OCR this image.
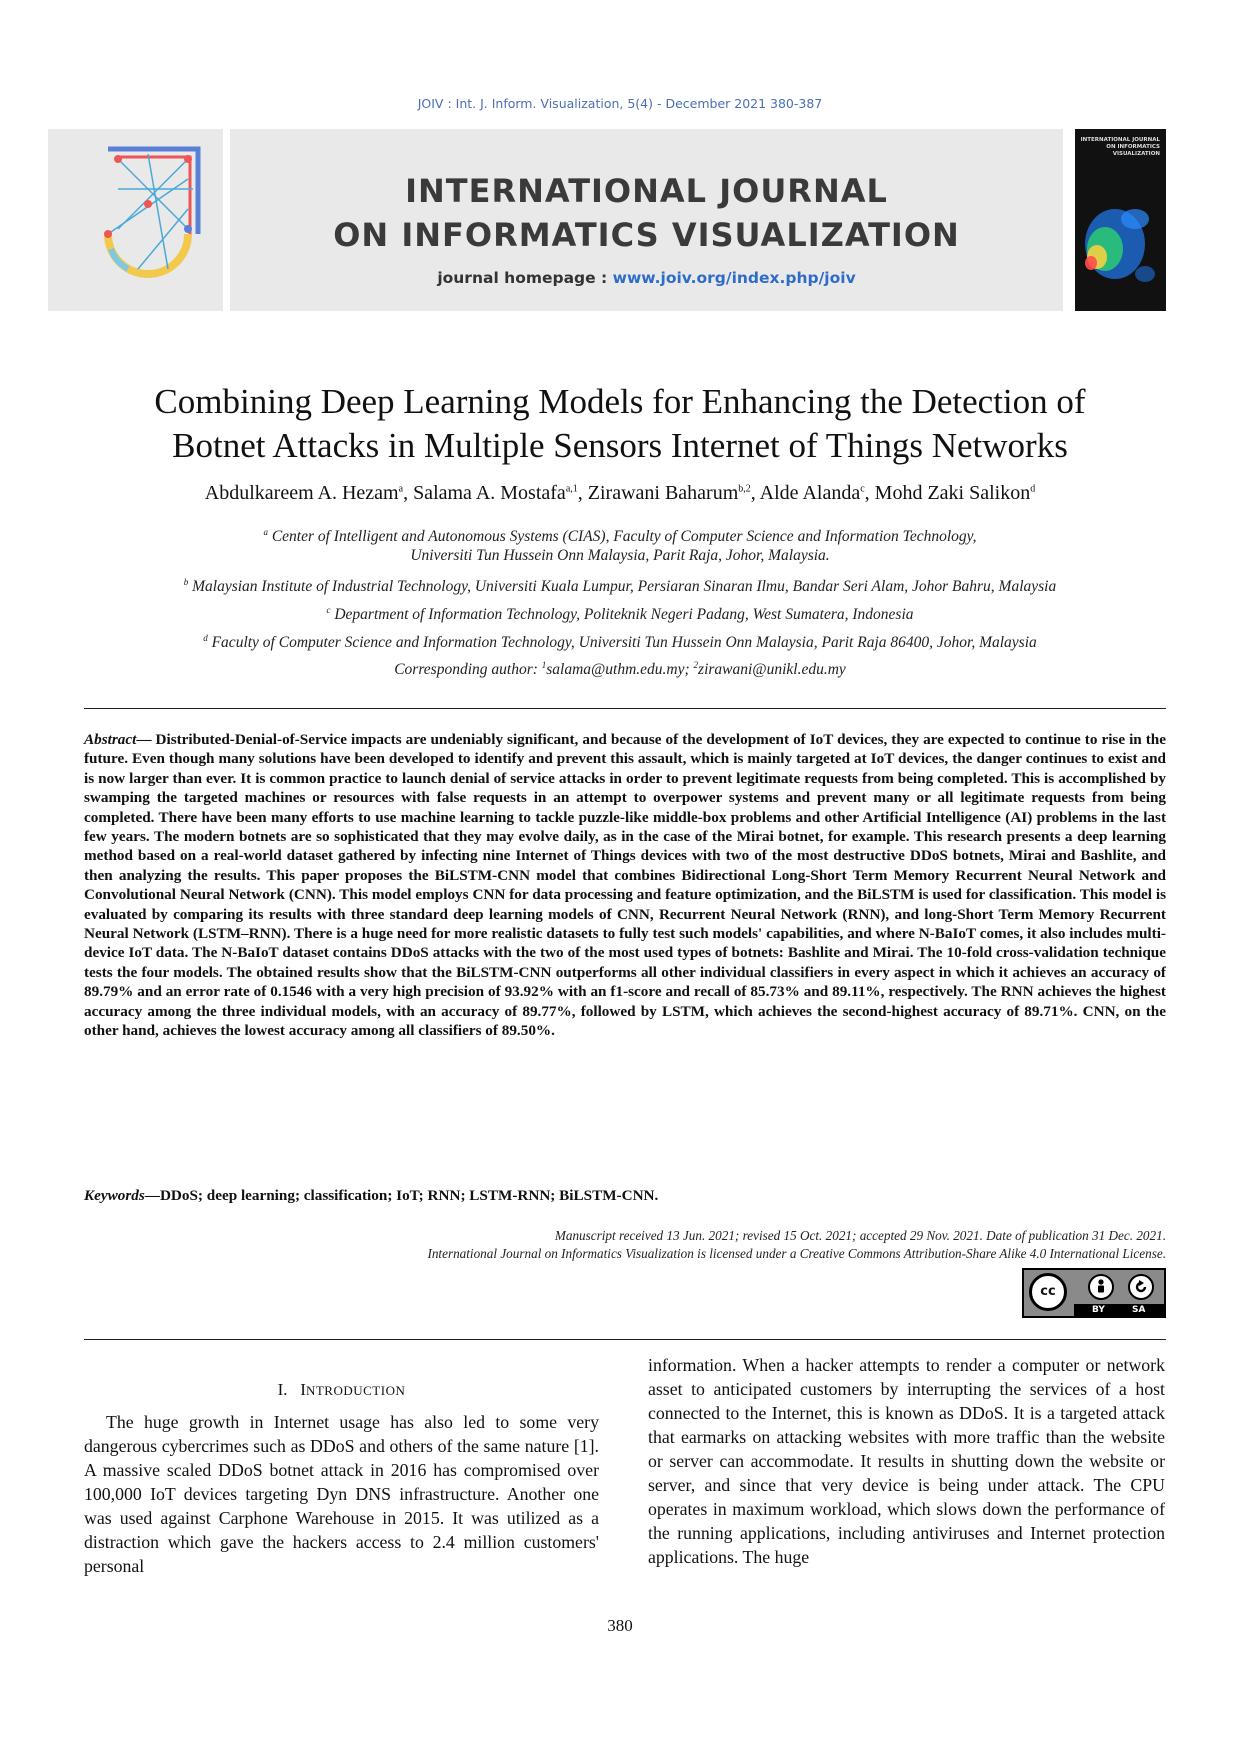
JOIV : Int. J. Inform. Visualization, 5(4) - December 2021 380-387
INTERNATIONAL JOURNAL
ON INFORMATICS VISUALIZATION
journal homepage : www.joiv.org/index.php/joiv
INTERNATIONAL JOURNAL ON INFORMATICS VISUALIZATION
Combining Deep Learning Models for Enhancing the Detection of
Botnet Attacks in Multiple Sensors Internet of Things Networks
Abdulkareem A. Hezam$^a$, Salama A. Mostafa$^{a,1}$, Zirawani Baharum$^{b,2}$, Alde Alanda$^c$, Mohd Zaki Salikon$^d$
$^a$ Center of Intelligent and Autonomous Systems (CIAS), Faculty of Computer Science and Information Technology,
Universiti Tun Hussein Onn Malaysia, Parit Raja, Johor, Malaysia.
$^b$ Malaysian Institute of Industrial Technology, Universiti Kuala Lumpur, Persiaran Sinaran Ilmu, Bandar Seri Alam, Johor Bahru, Malaysia
$^c$ Department of Information Technology, Politeknik Negeri Padang, West Sumatera, Indonesia
$^d$ Faculty of Computer Science and Information Technology, Universiti Tun Hussein Onn Malaysia, Parit Raja 86400, Johor, Malaysia
Corresponding author: $^1$salama@uthm.edu.my; $^2$zirawani@unikl.edu.my
Abstract— Distributed-Denial-of-Service impacts are undeniably significant, and because of the development of IoT devices, they are expected to continue to rise in the future. Even though many solutions have been developed to identify and prevent this assault, which is mainly targeted at IoT devices, the danger continues to exist and is now larger than ever. It is common practice to launch denial of service attacks in order to prevent legitimate requests from being completed. This is accomplished by swamping the targeted machines or resources with false requests in an attempt to overpower systems and prevent many or all legitimate requests from being completed. There have been many efforts to use machine learning to tackle puzzle-like middle-box problems and other Artificial Intelligence (AI) problems in the last few years. The modern botnets are so sophisticated that they may evolve daily, as in the case of the Mirai botnet, for example. This research presents a deep learning method based on a real-world dataset gathered by infecting nine Internet of Things devices with two of the most destructive DDoS botnets, Mirai and Bashlite, and then analyzing the results. This paper proposes the BiLSTM-CNN model that combines Bidirectional Long-Short Term Memory Recurrent Neural Network and Convolutional Neural Network (CNN). This model employs CNN for data processing and feature optimization, and the BiLSTM is used for classification. This model is evaluated by comparing its results with three standard deep learning models of CNN, Recurrent Neural Network (RNN), and long-Short Term Memory Recurrent Neural Network (LSTM–RNN). There is a huge need for more realistic datasets to fully test such models' capabilities, and where N-BaIoT comes, it also includes multi-device IoT data. The N-BaIoT dataset contains DDoS attacks with the two of the most used types of botnets: Bashlite and Mirai. The 10-fold cross-validation technique tests the four models. The obtained results show that the BiLSTM-CNN outperforms all other individual classifiers in every aspect in which it achieves an accuracy of 89.79% and an error rate of 0.1546 with a very high precision of 93.92% with an f1-score and recall of 85.73% and 89.11%, respectively. The RNN achieves the highest accuracy among the three individual models, with an accuracy of 89.77%, followed by LSTM, which achieves the second-highest accuracy of 89.71%. CNN, on the other hand, achieves the lowest accuracy among all classifiers of 89.50%.
Keywords—DDoS; deep learning; classification; IoT; RNN; LSTM-RNN; BiLSTM-CNN.
Manuscript received 13 Jun. 2021; revised 15 Oct. 2021; accepted 29 Nov. 2021. Date of publication 31 Dec. 2021.
International Journal on Informatics Visualization is licensed under a Creative Commons Attribution-Share Alike 4.0 International License.
cc
BY	SA
I. INTRODUCTION
The huge growth in Internet usage has also led to some very dangerous cybercrimes such as DDoS and others of the same nature [1]. A massive scaled DDoS botnet attack in 2016 has compromised over 100,000 IoT devices targeting Dyn DNS infrastructure. Another one was used against Carphone Warehouse in 2015. It was utilized as a distraction which gave the hackers access to 2.4 million customers' personal
information. When a hacker attempts to render a computer or network asset to anticipated customers by interrupting the services of a host connected to the Internet, this is known as DDoS. It is a targeted attack that earmarks on attacking websites with more traffic than the website or server can accommodate. It results in shutting down the website or server, and since that very device is being under attack. The CPU operates in maximum workload, which slows down the performance of the running applications, including antiviruses and Internet protection applications. The huge
380
